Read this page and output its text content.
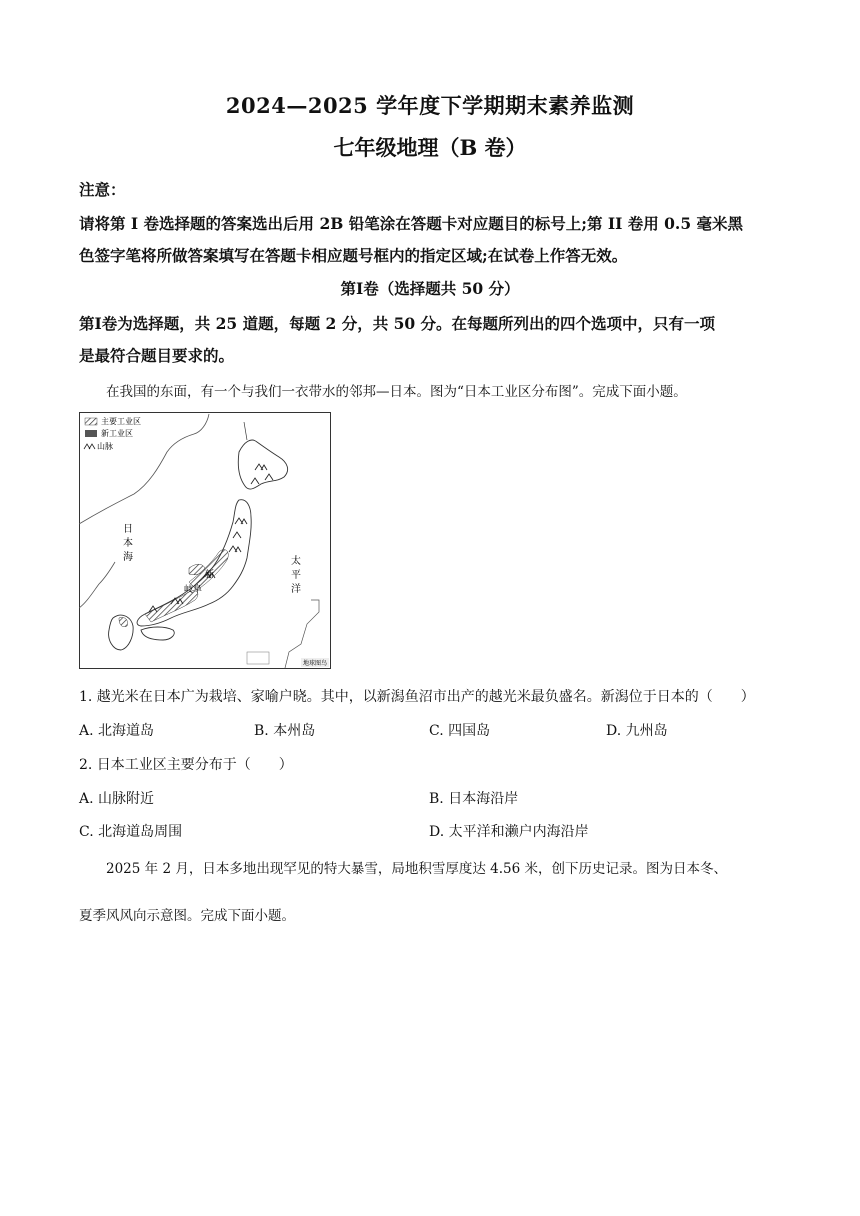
2024—2025 学年度下学期期末素养监测
七年级地理（B 卷）
注意：
请将第 I 卷选择题的答案选出后用 2B 铅笔涂在答题卡对应题目的标号上;第 II 卷用 0.5 毫米黑
色签字笔将所做答案填写在答题卡相应题号框内的指定区域;在试卷上作答无效。
第Ⅰ卷（选择题共 50 分）
第Ⅰ卷为选择题，共 25 道题，每题 2 分，共 50 分。在每题所列出的四个选项中，只有一项
是最符合题目要求的。
在我国的东面，有一个与我们一衣带水的邻邦—日本。图为“日本工业区分布图”。完成下面小题。
主要工业区
新工业区
山脉
日
本
海	太
平
洋
新
岐阜
地球图鸟
1. 越光米在日本广为栽培、家喻户晓。其中，以新潟鱼沼市出产的越光米最负盛名。新潟位于日本的（　　）
A. 北海道岛	B. 本州岛	C. 四国岛	D. 九州岛
2. 日本工业区主要分布于（　　）
A. 山脉附近	B. 日本海沿岸
C. 北海道岛周围	D. 太平洋和濑户内海沿岸
2025 年 2 月，日本多地出现罕见的特大暴雪，局地积雪厚度达 4.56 米，创下历史记录。图为日本冬、
夏季风风向示意图。完成下面小题。
